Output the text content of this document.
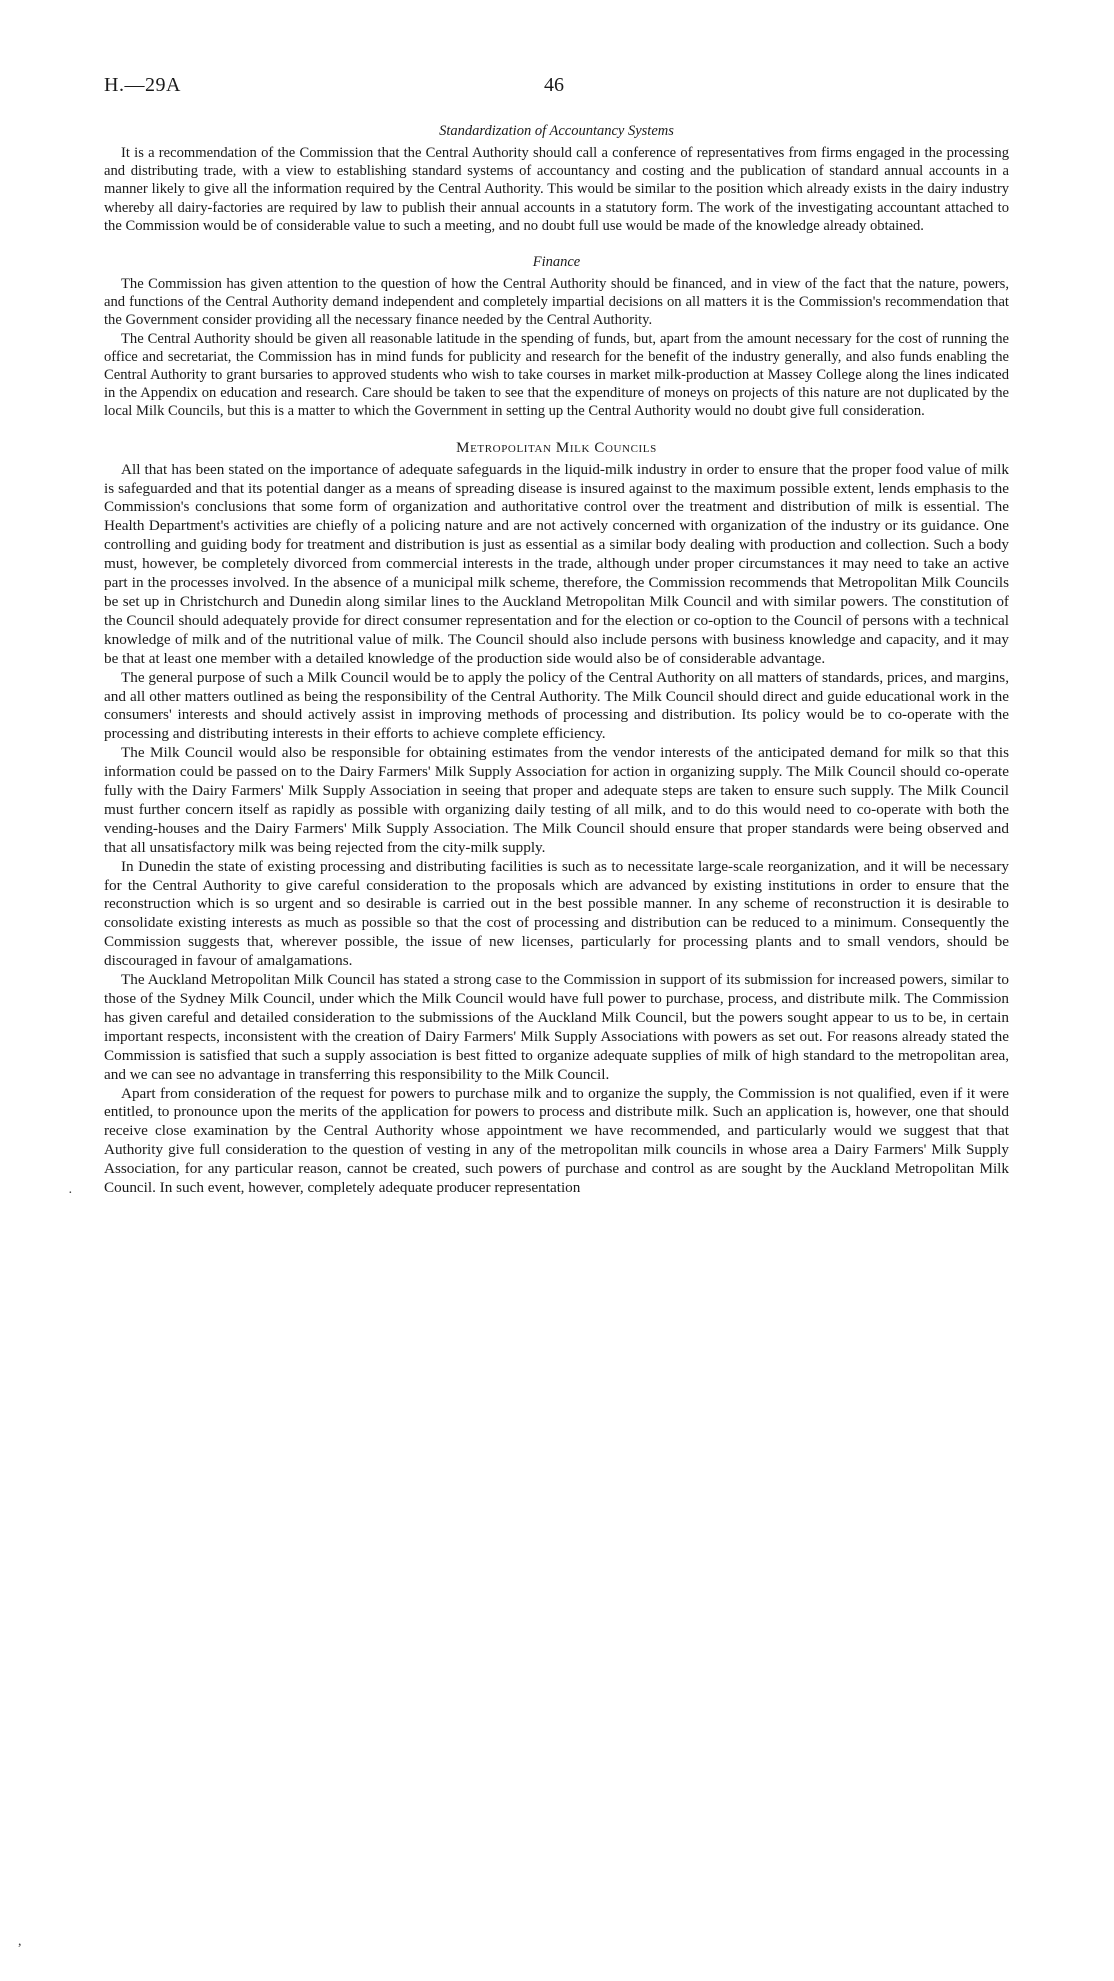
H.—29A	46
Standardization of Accountancy Systems

It is a recommendation of the Commission that the Central Authority should call a conference of representatives from firms engaged in the processing and distributing trade, with a view to establishing standard systems of accountancy and costing and the publication of standard annual accounts in a manner likely to give all the information required by the Central Authority. This would be similar to the position which already exists in the dairy industry whereby all dairy-factories are required by law to publish their annual accounts in a statutory form. The work of the investigating accountant attached to the Commission would be of considerable value to such a meeting, and no doubt full use would be made of the knowledge already obtained.

Finance

The Commission has given attention to the question of how the Central Authority should be financed, and in view of the fact that the nature, powers, and functions of the Central Authority demand independent and completely impartial decisions on all matters it is the Commission's recommendation that the Government consider providing all the necessary finance needed by the Central Authority.

The Central Authority should be given all reasonable latitude in the spending of funds, but, apart from the amount necessary for the cost of running the office and secretariat, the Commission has in mind funds for publicity and research for the benefit of the industry generally, and also funds enabling the Central Authority to grant bursaries to approved students who wish to take courses in market milk-production at Massey College along the lines indicated in the Appendix on education and research. Care should be taken to see that the expenditure of moneys on projects of this nature are not duplicated by the local Milk Councils, but this is a matter to which the Government in setting up the Central Authority would no doubt give full consideration.

Metropolitan Milk Councils

All that has been stated on the importance of adequate safeguards in the liquid-milk industry in order to ensure that the proper food value of milk is safeguarded and that its potential danger as a means of spreading disease is insured against to the maximum possible extent, lends emphasis to the Commission's conclusions that some form of organization and authoritative control over the treatment and distribution of milk is essential. The Health Department's activities are chiefly of a policing nature and are not actively concerned with organization of the industry or its guidance. One controlling and guiding body for treatment and distribution is just as essential as a similar body dealing with production and collection. Such a body must, however, be completely divorced from commercial interests in the trade, although under proper circumstances it may need to take an active part in the processes involved. In the absence of a municipal milk scheme, therefore, the Commission recommends that Metropolitan Milk Councils be set up in Christchurch and Dunedin along similar lines to the Auckland Metropolitan Milk Council and with similar powers. The constitution of the Council should adequately provide for direct consumer representation and for the election or co-option to the Council of persons with a technical knowledge of milk and of the nutritional value of milk. The Council should also include persons with business knowledge and capacity, and it may be that at least one member with a detailed knowledge of the production side would also be of considerable advantage.

The general purpose of such a Milk Council would be to apply the policy of the Central Authority on all matters of standards, prices, and margins, and all other matters outlined as being the responsibility of the Central Authority. The Milk Council should direct and guide educational work in the consumers' interests and should actively assist in improving methods of processing and distribution. Its policy would be to co-operate with the processing and distributing interests in their efforts to achieve complete efficiency.

The Milk Council would also be responsible for obtaining estimates from the vendor interests of the anticipated demand for milk so that this information could be passed on to the Dairy Farmers' Milk Supply Association for action in organizing supply. The Milk Council should co-operate fully with the Dairy Farmers' Milk Supply Association in seeing that proper and adequate steps are taken to ensure such supply. The Milk Council must further concern itself as rapidly as possible with organizing daily testing of all milk, and to do this would need to co-operate with both the vending-houses and the Dairy Farmers' Milk Supply Association. The Milk Council should ensure that proper standards were being observed and that all unsatisfactory milk was being rejected from the city-milk supply.

In Dunedin the state of existing processing and distributing facilities is such as to necessitate large-scale reorganization, and it will be necessary for the Central Authority to give careful consideration to the proposals which are advanced by existing institutions in order to ensure that the reconstruction which is so urgent and so desirable is carried out in the best possible manner. In any scheme of reconstruction it is desirable to consolidate existing interests as much as possible so that the cost of processing and distribution can be reduced to a minimum. Consequently the Commission suggests that, wherever possible, the issue of new licenses, particularly for processing plants and to small vendors, should be discouraged in favour of amalgamations.

The Auckland Metropolitan Milk Council has stated a strong case to the Commission in support of its submission for increased powers, similar to those of the Sydney Milk Council, under which the Milk Council would have full power to purchase, process, and distribute milk. The Commission has given careful and detailed consideration to the submissions of the Auckland Milk Council, but the powers sought appear to us to be, in certain important respects, inconsistent with the creation of Dairy Farmers' Milk Supply Associations with powers as set out. For reasons already stated the Commission is satisfied that such a supply association is best fitted to organize adequate supplies of milk of high standard to the metropolitan area, and we can see no advantage in transferring this responsibility to the Milk Council.

Apart from consideration of the request for powers to purchase milk and to organize the supply, the Commission is not qualified, even if it were entitled, to pronounce upon the merits of the application for powers to process and distribute milk. Such an application is, however, one that should receive close examination by the Central Authority whose appointment we have recommended, and particularly would we suggest that that Authority give full consideration to the question of vesting in any of the metropolitan milk councils in whose area a Dairy Farmers' Milk Supply Association, for any particular reason, cannot be created, such powers of purchase and control as are sought by the Auckland Metropolitan Milk Council. In such event, however, completely adequate producer representation

·
,
